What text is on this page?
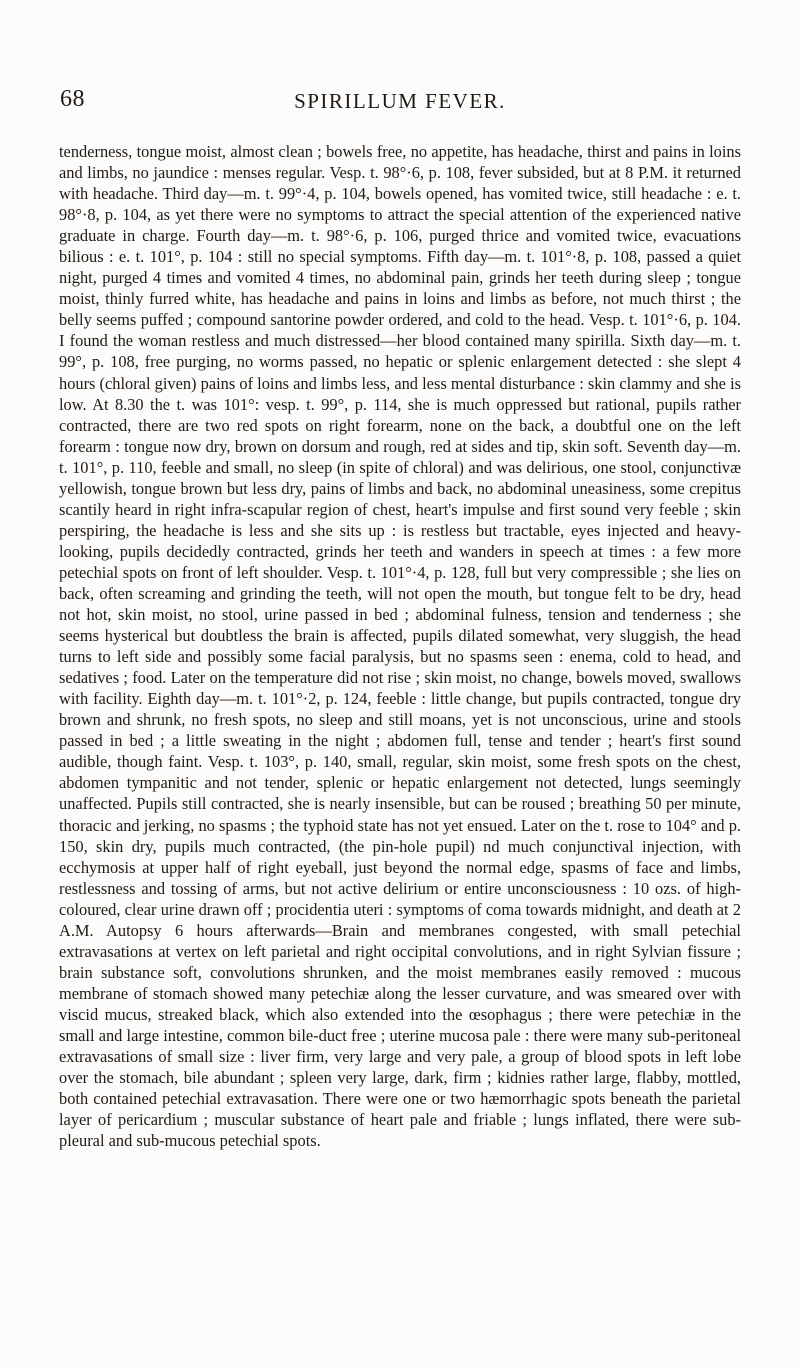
68	SPIRILLUM FEVER.

tenderness, tongue moist, almost clean ; bowels free, no appetite, has headache, thirst and pains in loins and limbs, no jaundice : menses regular. Vesp. t. 98°·6, p. 108, fever subsided, but at 8 P.M. it returned with headache. Third day—m. t. 99°·4, p. 104, bowels opened, has vomited twice, still headache : e. t. 98°·8, p. 104, as yet there were no symptoms to attract the special attention of the experienced native graduate in charge. Fourth day—m. t. 98°·6, p. 106, purged thrice and vomited twice, evacuations bilious : e. t. 101°, p. 104 : still no special symptoms. Fifth day—m. t. 101°·8, p. 108, passed a quiet night, purged 4 times and vomited 4 times, no abdominal pain, grinds her teeth during sleep ; tongue moist, thinly furred white, has headache and pains in loins and limbs as before, not much thirst ; the belly seems puffed ; compound santorine powder ordered, and cold to the head. Vesp. t. 101°·6, p. 104. I found the woman restless and much distressed—her blood contained many spirilla. Sixth day—m. t. 99°, p. 108, free purging, no worms passed, no hepatic or splenic enlargement detected : she slept 4 hours (chloral given) pains of loins and limbs less, and less mental disturbance : skin clammy and she is low. At 8.30 the t. was 101°: vesp. t. 99°, p. 114, she is much oppressed but rational, pupils rather contracted, there are two red spots on right forearm, none on the back, a doubtful one on the left forearm : tongue now dry, brown on dorsum and rough, red at sides and tip, skin soft. Seventh day—m. t. 101°, p. 110, feeble and small, no sleep (in spite of chloral) and was delirious, one stool, conjunctivæ yellowish, tongue brown but less dry, pains of limbs and back, no abdominal uneasiness, some crepitus scantily heard in right infra-scapular region of chest, heart's impulse and first sound very feeble ; skin perspiring, the headache is less and she sits up : is restless but tractable, eyes injected and heavy-looking, pupils decidedly contracted, grinds her teeth and wanders in speech at times : a few more petechial spots on front of left shoulder. Vesp. t. 101°·4, p. 128, full but very compressible ; she lies on back, often screaming and grinding the teeth, will not open the mouth, but tongue felt to be dry, head not hot, skin moist, no stool, urine passed in bed ; abdominal fulness, tension and tenderness ; she seems hysterical but doubtless the brain is affected, pupils dilated somewhat, very sluggish, the head turns to left side and possibly some facial paralysis, but no spasms seen : enema, cold to head, and sedatives ; food. Later on the temperature did not rise ; skin moist, no change, bowels moved, swallows with facility. Eighth day—m. t. 101°·2, p. 124, feeble : little change, but pupils contracted, tongue dry brown and shrunk, no fresh spots, no sleep and still moans, yet is not unconscious, urine and stools passed in bed ; a little sweating in the night ; abdomen full, tense and tender ; heart's first sound audible, though faint. Vesp. t. 103°, p. 140, small, regular, skin moist, some fresh spots on the chest, abdomen tympanitic and not tender, splenic or hepatic enlargement not detected, lungs seemingly unaffected. Pupils still contracted, she is nearly insensible, but can be roused ; breathing 50 per minute, thoracic and jerking, no spasms ; the typhoid state has not yet ensued. Later on the t. rose to 104° and p. 150, skin dry, pupils much contracted, (the pin-hole pupil) nd much conjunctival injection, with ecchymosis at upper half of right eyeball, just beyond the normal edge, spasms of face and limbs, restlessness and tossing of arms, but not active delirium or entire unconsciousness : 10 ozs. of high-coloured, clear urine drawn off ; procidentia uteri : symptoms of coma towards midnight, and death at 2 A.M. Autopsy 6 hours afterwards—Brain and membranes congested, with small petechial extravasations at vertex on left parietal and right occipital convolutions, and in right Sylvian fissure ; brain substance soft, convolutions shrunken, and the moist membranes easily removed : mucous membrane of stomach showed many petechiæ along the lesser curvature, and was smeared over with viscid mucus, streaked black, which also extended into the œsophagus ; there were petechiæ in the small and large intestine, common bile-duct free ; uterine mucosa pale : there were many sub-peritoneal extravasations of small size : liver firm, very large and very pale, a group of blood spots in left lobe over the stomach, bile abundant ; spleen very large, dark, firm ; kidnies rather large, flabby, mottled, both contained petechial extravasation. There were one or two hæmorrhagic spots beneath the parietal layer of pericardium ; muscular substance of heart pale and friable ; lungs inflated, there were sub-pleural and sub-mucous petechial spots.
